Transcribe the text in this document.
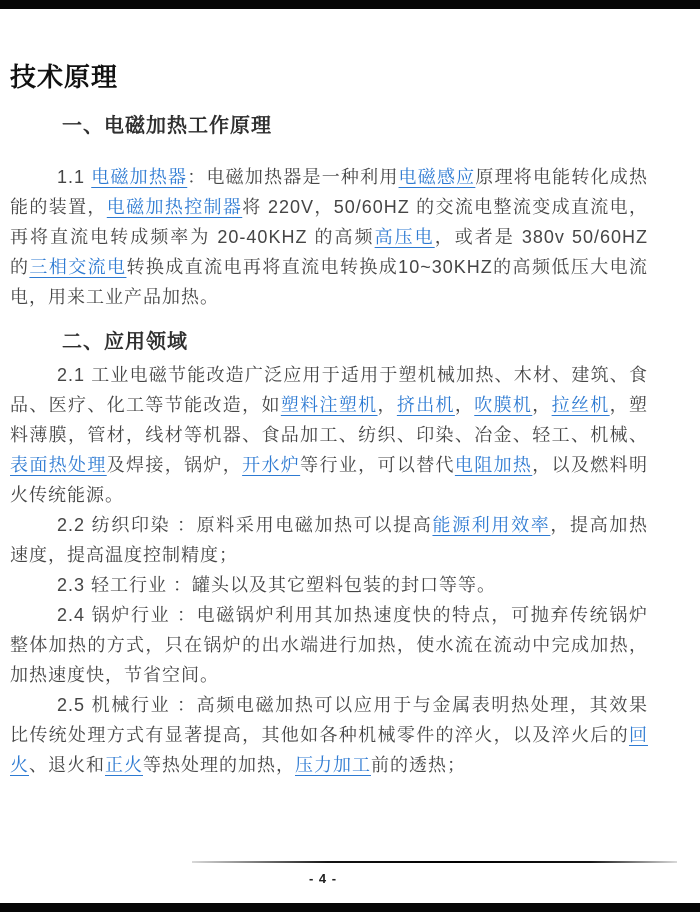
技术原理
一、电磁加热工作原理

1.1 电磁加热器：电磁加热器是一种利用电磁感应原理将电能转化成热能的装置，电磁加热控制器将 220V，50/60HZ 的交流电整流变成直流电，再将直流电转成频率为 20-40KHZ 的高频高压电，或者是 380v 50/60HZ 的三相交流电转换成直流电再将直流电转换成10~30KHZ的高频低压大电流电，用来工业产品加热。

二、应用领域

2.1 工业电磁节能改造广泛应用于适用于塑机械加热、木材、建筑、食品、医疗、化工等节能改造，如塑料注塑机，挤出机，吹膜机，拉丝机，塑料薄膜，管材，线材等机器、食品加工、纺织、印染、冶金、轻工、机械、表面热处理及焊接，锅炉，开水炉等行业，可以替代电阻加热，以及燃料明火传统能源。

2.2 纺织印染 ：原料采用电磁加热可以提高能源利用效率，提高加热速度，提高温度控制精度；

2.3 轻工行业 ：罐头以及其它塑料包装的封口等等。

2.4 锅炉行业 ：电磁锅炉利用其加热速度快的特点，可抛弃传统锅炉整体加热的方式，只在锅炉的出水端进行加热，使水流在流动中完成加热，加热速度快，节省空间。

2.5 机械行业 ：高频电磁加热可以应用于与金属表明热处理，其效果比传统处理方式有显著提高，其他如各种机械零件的淬火，以及淬火后的回火、退火和正火等热处理的加热，压力加工前的透热；

- 4 -
